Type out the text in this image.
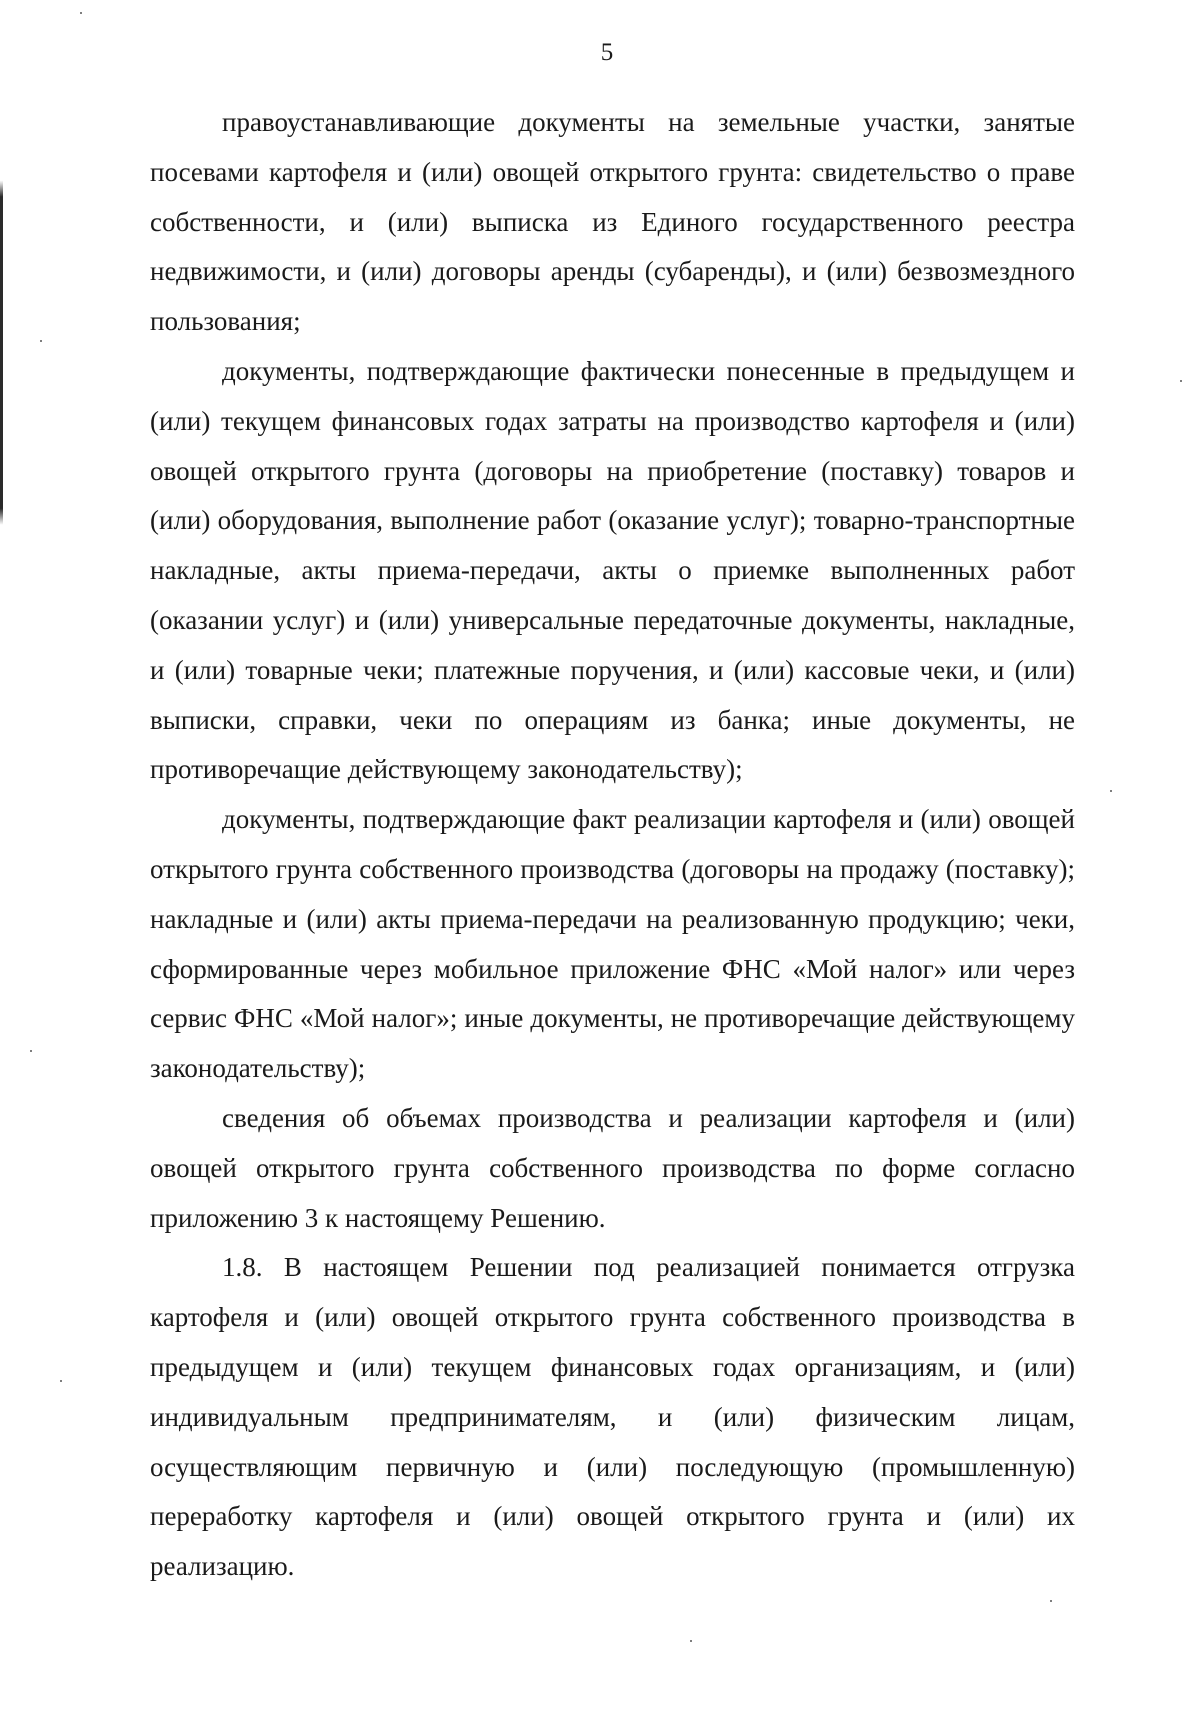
5

правоустанавливающие документы на земельные участки, занятые посевами картофеля и (или) овощей открытого грунта: свидетельство о праве собственности, и (или) выписка из Единого государственного реестра недвижимости, и (или) договоры аренды (субаренды), и (или) безвозмездного пользования;

документы, подтверждающие фактически понесенные в предыдущем и (или) текущем финансовых годах затраты на производство картофеля и (или) овощей открытого грунта (договоры на приобретение (поставку) товаров и (или) оборудования, выполнение работ (оказание услуг); товарно-транспортные накладные, акты приема-передачи, акты о приемке выполненных работ (оказании услуг) и (или) универсальные передаточные документы, накладные, и (или) товарные чеки; платежные поручения, и (или) кассовые чеки, и (или) выписки, справки, чеки по операциям из банка; иные документы, не противоречащие действующему законодательству);

документы, подтверждающие факт реализации картофеля и (или) овощей открытого грунта собственного производства (договоры на продажу (поставку); накладные и (или) акты приема-передачи на реализованную продукцию; чеки, сформированные через мобильное приложение ФНС «Мой налог» или через сервис ФНС «Мой налог»; иные документы, не противоречащие действующему законодательству);

сведения об объемах производства и реализации картофеля и (или) овощей открытого грунта собственного производства по форме согласно приложению 3 к настоящему Решению.

1.8. В настоящем Решении под реализацией понимается отгрузка картофеля и (или) овощей открытого грунта собственного производства в предыдущем и (или) текущем финансовых годах организациям, и (или) индивидуальным предпринимателям, и (или) физическим лицам, осуществляющим первичную и (или) последующую (промышленную) переработку картофеля и (или) овощей открытого грунта и (или) их реализацию.
